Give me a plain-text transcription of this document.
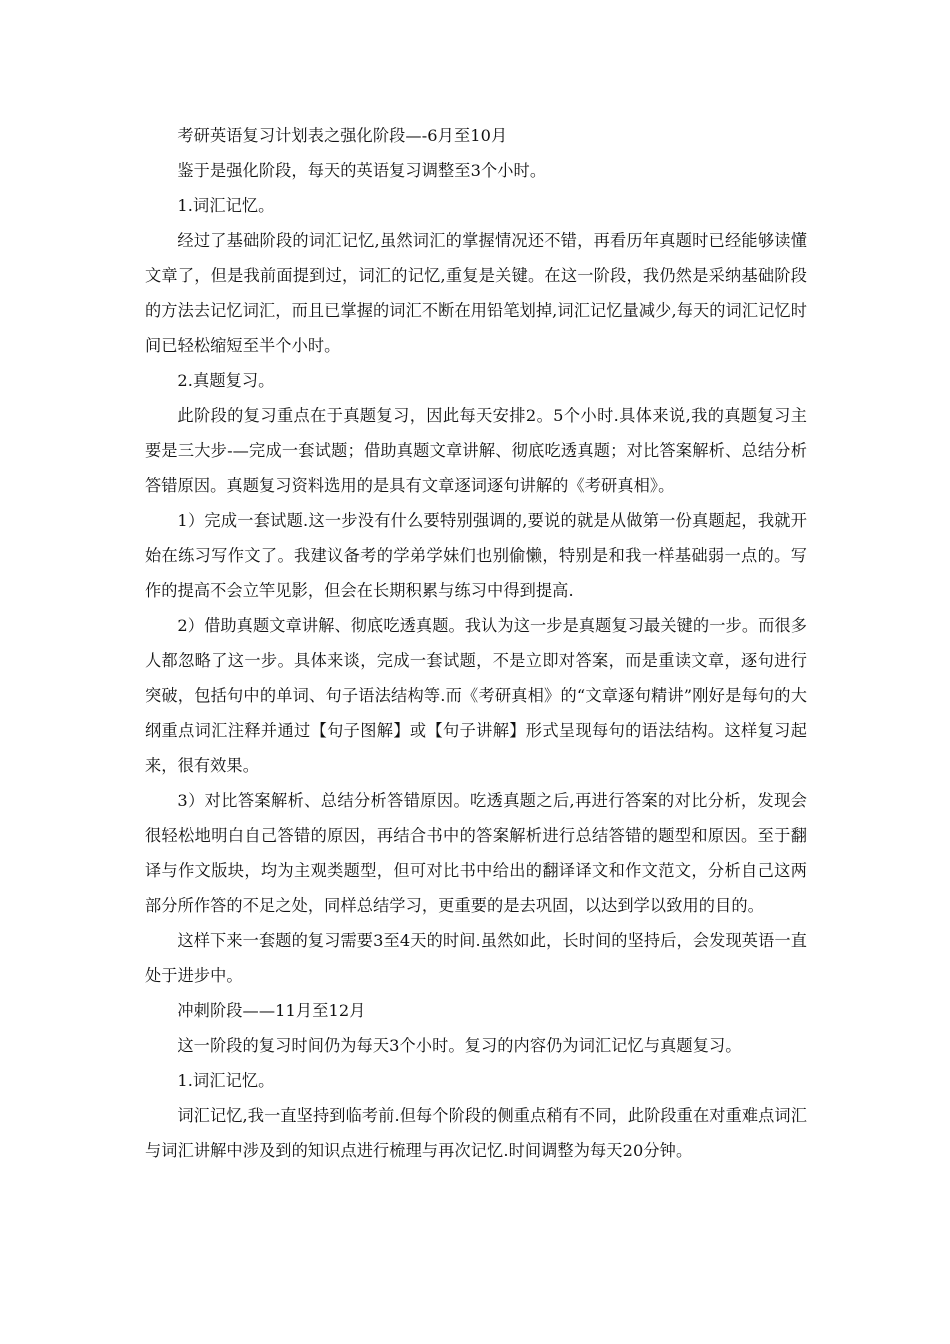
考研英语复习计划表之强化阶段—-6月至10月

鉴于是强化阶段，每天的英语复习调整至3个小时。

1.词汇记忆。

经过了基础阶段的词汇记忆,虽然词汇的掌握情况还不错，再看历年真题时已经能够读懂文章了，但是我前面提到过，词汇的记忆,重复是关键。在这一阶段，我仍然是采纳基础阶段的方法去记忆词汇，而且已掌握的词汇不断在用铅笔划掉,词汇记忆量减少,每天的词汇记忆时间已轻松缩短至半个小时。

2.真题复习。

此阶段的复习重点在于真题复习，因此每天安排2。5个小时.具体来说,我的真题复习主要是三大步-—完成一套试题；借助真题文章讲解、彻底吃透真题；对比答案解析、总结分析答错原因。真题复习资料选用的是具有文章逐词逐句讲解的《考研真相》。

1）完成一套试题.这一步没有什么要特别强调的,要说的就是从做第一份真题起，我就开始在练习写作文了。我建议备考的学弟学妹们也别偷懒，特别是和我一样基础弱一点的。写作的提高不会立竿见影，但会在长期积累与练习中得到提高.

2）借助真题文章讲解、彻底吃透真题。我认为这一步是真题复习最关键的一步。而很多人都忽略了这一步。具体来谈，完成一套试题，不是立即对答案，而是重读文章，逐句进行突破，包括句中的单词、句子语法结构等.而《考研真相》的“文章逐句精讲”刚好是每句的大纲重点词汇注释并通过【句子图解】或【句子讲解】形式呈现每句的语法结构。这样复习起来，很有效果。

3）对比答案解析、总结分析答错原因。吃透真题之后,再进行答案的对比分析，发现会很轻松地明白自己答错的原因，再结合书中的答案解析进行总结答错的题型和原因。至于翻译与作文版块，均为主观类题型，但可对比书中给出的翻译译文和作文范文，分析自己这两部分所作答的不足之处，同样总结学习，更重要的是去巩固，以达到学以致用的目的。

这样下来一套题的复习需要3至4天的时间.虽然如此，长时间的坚持后，会发现英语一直处于进步中。

冲刺阶段——11月至12月

这一阶段的复习时间仍为每天3个小时。复习的内容仍为词汇记忆与真题复习。

1.词汇记忆。

词汇记忆,我一直坚持到临考前.但每个阶段的侧重点稍有不同，此阶段重在对重难点词汇与词汇讲解中涉及到的知识点进行梳理与再次记忆.时间调整为每天20分钟。
